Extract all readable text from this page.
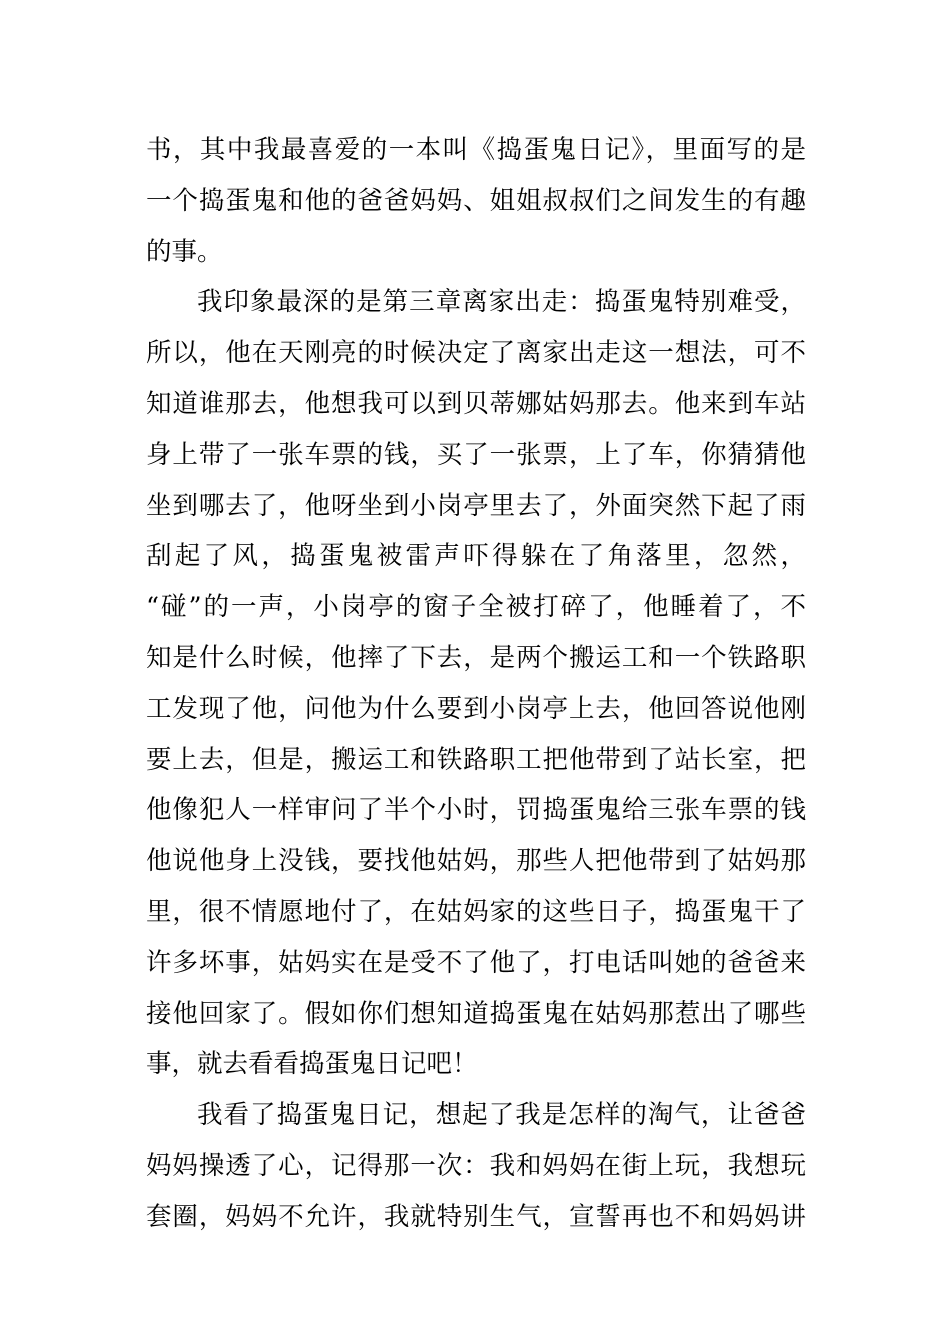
书，其中我最喜爱的一本叫《捣蛋鬼日记》，里面写的是
一个捣蛋鬼和他的爸爸妈妈、姐姐叔叔们之间发生的有趣
的事。
我印象最深的是第三章离家出走：捣蛋鬼特别难受，
所以，他在天刚亮的时候决定了离家出走这一想法，可不
知道谁那去，他想我可以到贝蒂娜姑妈那去。他来到车站
身上带了一张车票的钱，买了一张票，上了车，你猜猜他
坐到哪去了，他呀坐到小岗亭里去了，外面突然下起了雨
刮起了风，捣蛋鬼被雷声吓得躲在了角落里，忽然，
“碰”的一声，小岗亭的窗子全被打碎了，他睡着了，不
知是什么时候，他摔了下去，是两个搬运工和一个铁路职
工发现了他，问他为什么要到小岗亭上去，他回答说他刚
要上去，但是，搬运工和铁路职工把他带到了站长室，把
他像犯人一样审问了半个小时，罚捣蛋鬼给三张车票的钱
他说他身上没钱，要找他姑妈，那些人把他带到了姑妈那
里，很不情愿地付了，在姑妈家的这些日子，捣蛋鬼干了
许多坏事，姑妈实在是受不了他了，打电话叫她的爸爸来
接他回家了。假如你们想知道捣蛋鬼在姑妈那惹出了哪些
事，就去看看捣蛋鬼日记吧！
我看了捣蛋鬼日记，想起了我是怎样的淘气，让爸爸
妈妈操透了心，记得那一次：我和妈妈在街上玩，我想玩
套圈，妈妈不允许，我就特别生气，宣誓再也不和妈妈讲
